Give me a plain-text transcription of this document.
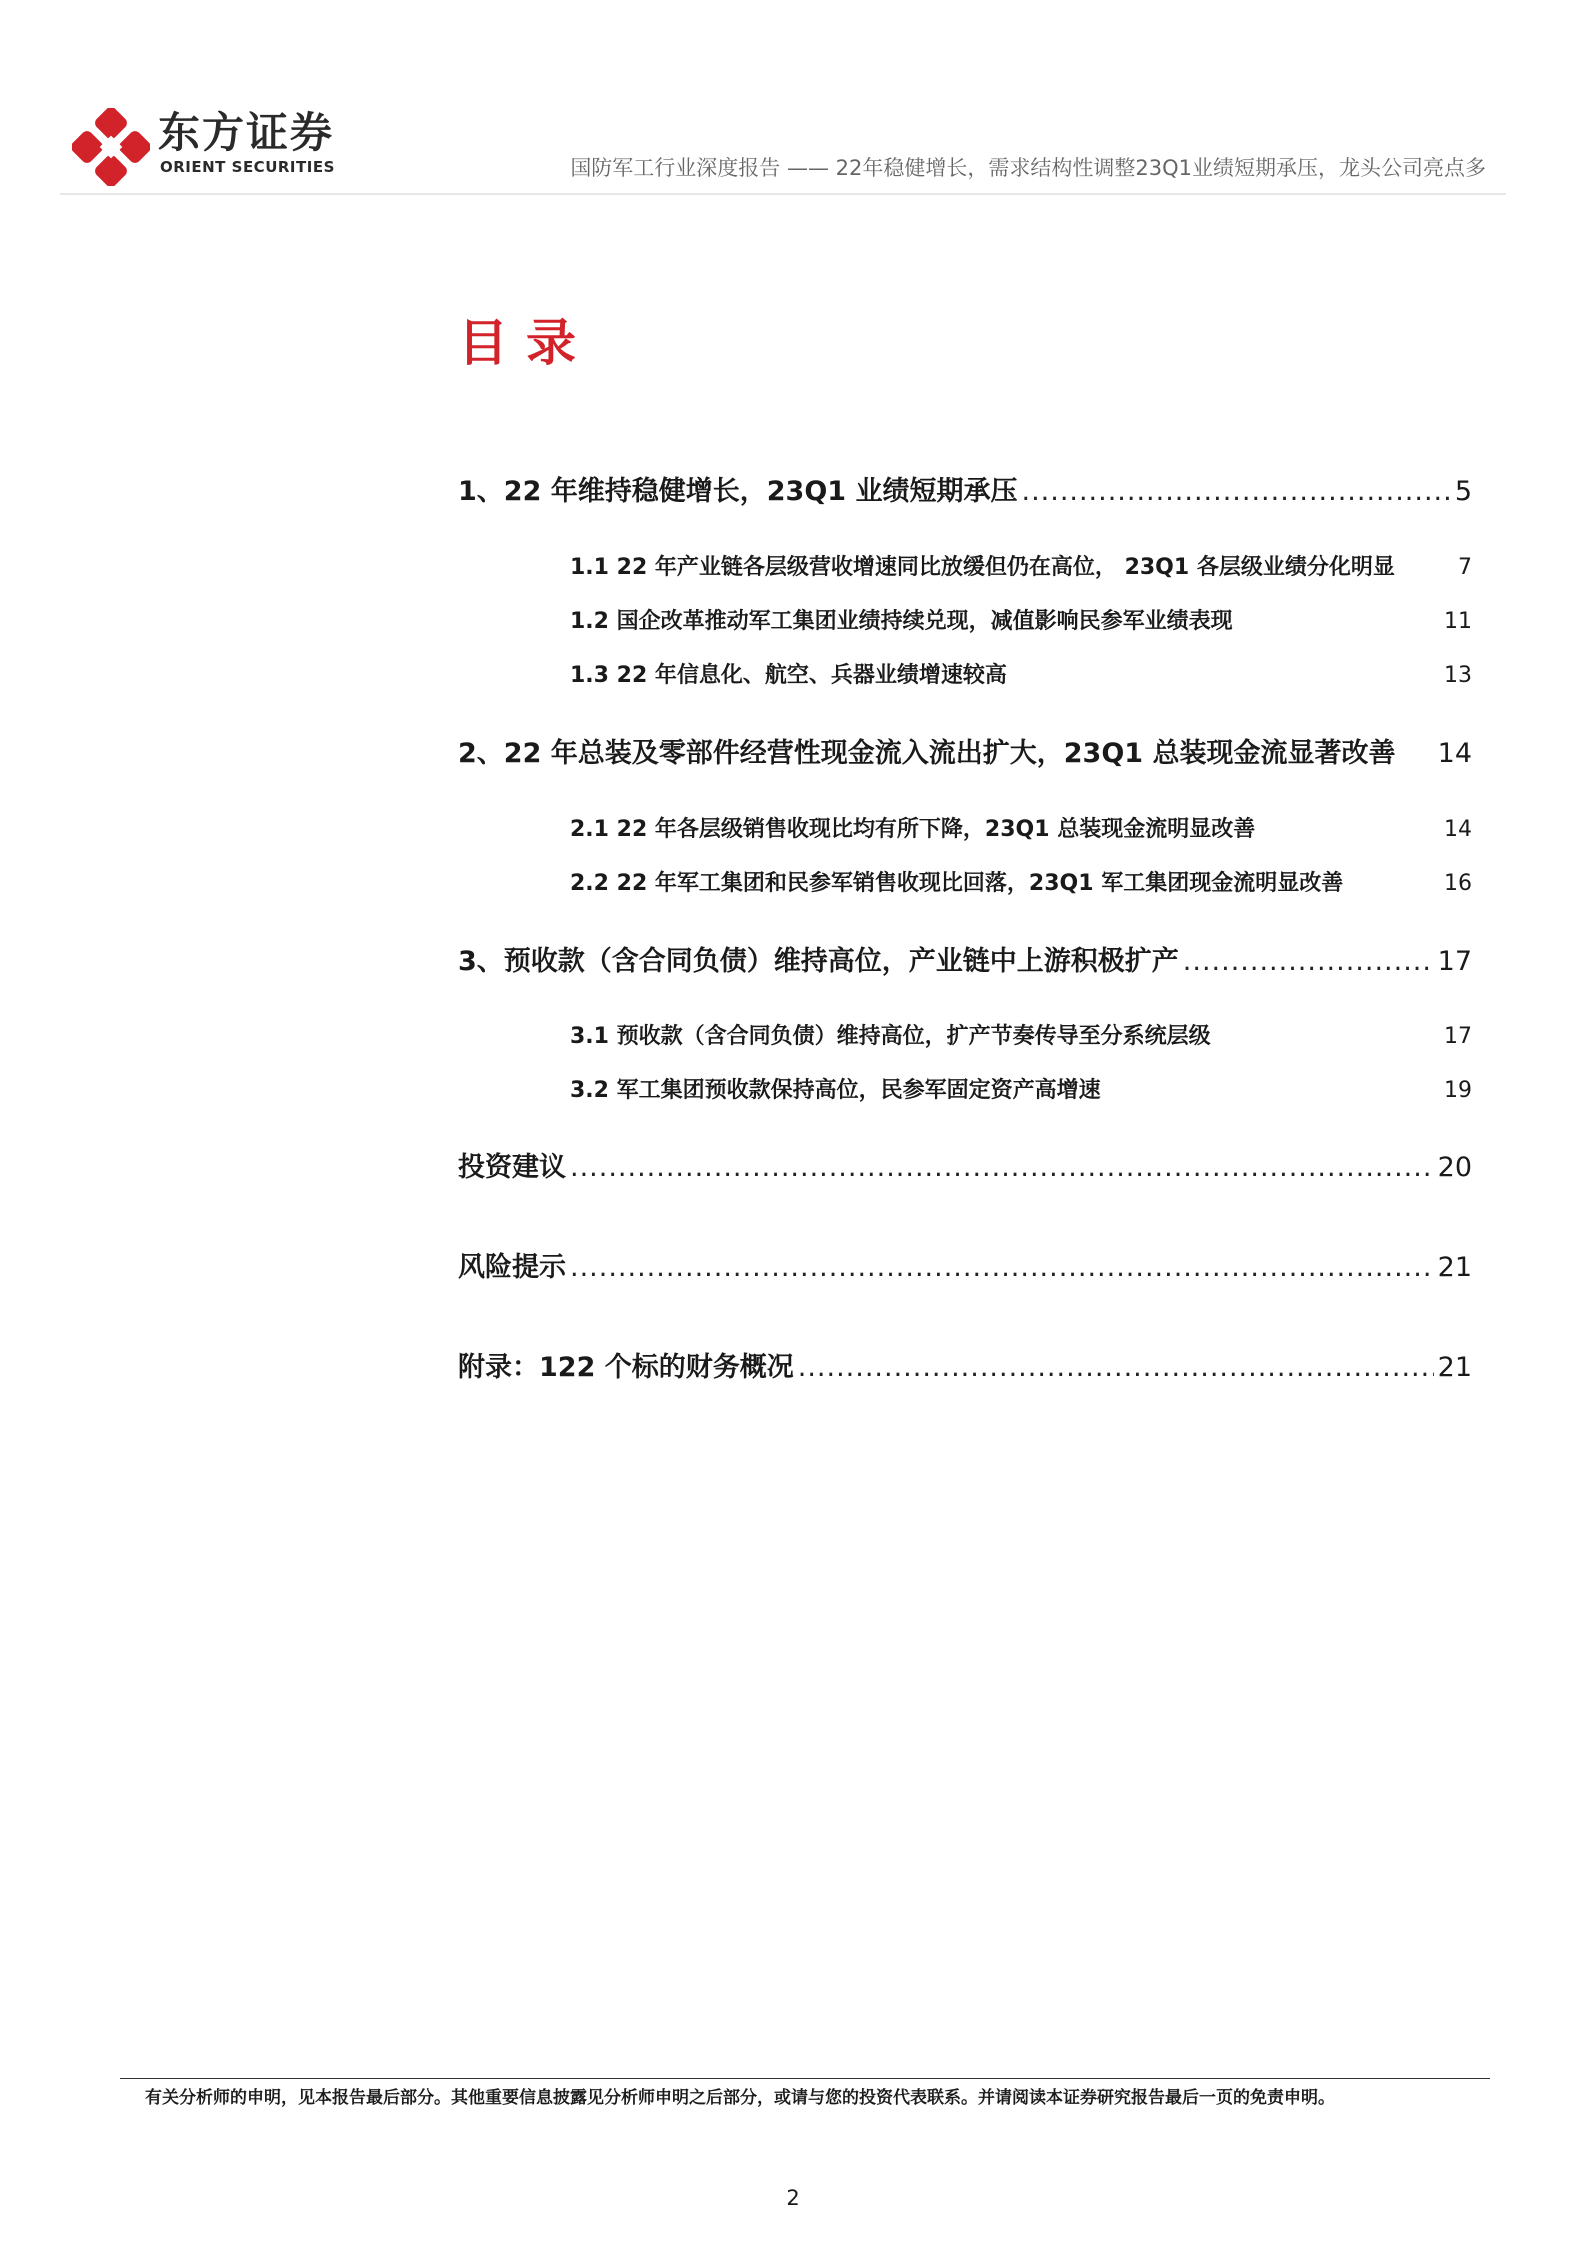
东方证券
ORIENT SECURITIES	国防军工行业深度报告 —— 22年稳健增长，需求结构性调整23Q1业绩短期承压，龙头公司亮点多
目录
1、22 年维持稳健增长，23Q1 业绩短期承压 .....	5
1.1 22 年产业链各层级营收增速同比放缓但仍在高位， 23Q1 各层级业绩分化明显	7
1.2 国企改革推动军工集团业绩持续兑现，减值影响民参军业绩表现	11
1.3 22 年信息化、航空、兵器业绩增速较高	13
2、22 年总装及零部件经营性现金流入流出扩大，23Q1 总装现金流显著改善 14
2.1 22 年各层级销售收现比均有所下降，23Q1 总装现金流明显改善	14
2.2 22 年军工集团和民参军销售收现比回落，23Q1 军工集团现金流明显改善	16
3、预收款（含合同负债）维持高位，产业链中上游积极扩产 .....	17
3.1 预收款（含合同负债）维持高位，扩产节奏传导至分系统层级	17
3.2 军工集团预收款保持高位，民参军固定资产高增速	19
投资建议 .....	20
风险提示 .....	21
附录：122 个标的财务概况 .....	21
有关分析师的申明，见本报告最后部分。其他重要信息披露见分析师申明之后部分，或请与您的投资代表联系。并请阅读本证券研究报告最后一页的免责申明。
2
